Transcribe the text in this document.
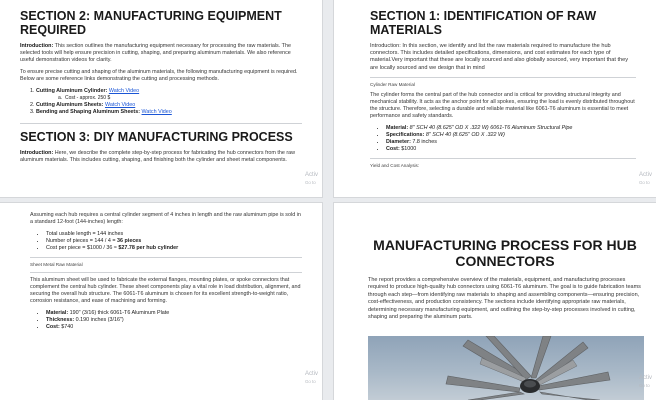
SECTION 2: MANUFACTURING EQUIPMENT REQUIRED

Introduction: This section outlines the manufacturing equipment necessary for processing the raw materials. The selected tools will help ensure precision in cutting, shaping, and preparing aluminum materials. We also reference useful demonstration videos for clarity.

To ensure precise cutting and shaping of the aluminum materials, the following manufacturing equipment is required. Below are some reference links demonstrating the cutting and processing methods.

1. Cutting Aluminum Cylinder: Watch Video
a.  Cost - approx. 250 $
2. Cutting Aluminum Sheets: Watch Video
3. Bending and Shaping Aluminum Sheets: Watch Video
SECTION 3: DIY MANUFACTURING PROCESS

Introduction: Here, we describe the complete step-by-step process for fabricating the hub connectors from the raw aluminum materials. This includes cutting, shaping, and finishing both the cylinder and sheet metal components.

Activ
Go to
SECTION 1: IDENTIFICATION OF RAW MATERIALS

Introduction: In this section, we identify and list the raw materials required to manufacture the hub connectors. This includes detailed specifications, dimensions, and cost estimates for each type of material.Very important that these are locally sourced and also globally sourced, very important that they are locally sourced and we design that in mind

Cylinder Raw Material

The cylinder forms the central part of the hub connector and is critical for providing structural integrity and mechanical stability. It acts as the anchor point for all spokes, ensuring the load is evenly distributed throughout the structure. Therefore, selecting a durable and reliable material like 6061-T6 aluminum is essential to meet performance and safety standards.

• Material: 8" SCH 40 (8.625" OD X .322 W) 6061-T6 Aluminum Structural Pipe
• Specifications: 8" SCH 40 (8.625" OD X .322 W)
• Diameter: 7.8 inches
• Cost: $1000

Yield and Cost Analysis:

Activ
Go to

Assuming each hub requires a central cylinder segment of 4 inches in length and the raw aluminum pipe is sold in a standard 12-foot (144-inches) length:

• Total usable length = 144 inches
• Number of pieces = 144 / 4 = 36 pieces
• Cost per piece = $1000 / 36 ≈ $27.78 per hub cylinder

Sheet Metal Raw Material

This aluminum sheet will be used to fabricate the external flanges, mounting plates, or spoke connectors that complement the central hub cylinder. These sheet components play a vital role in load distribution, alignment, and securing the overall hub structure. The 6061-T6 aluminum is chosen for its excellent strength-to-weight ratio, corrosion resistance, and ease of machining and forming.

• Material: 190" (3/16) thick 6061-T6 Aluminum Plate
• Thickness: 0.190 inches (3/16")
• Cost: $740
Activ
Go to
MANUFACTURING PROCESS FOR HUB CONNECTORS

The report provides a comprehensive overview of the materials, equipment, and manufacturing processes required to produce high-quality hub connectors using 6061-T6 aluminum. The goal is to guide fabrication teams through each step—from identifying raw materials to shaping and assembling components—ensuring precision, cost-effectiveness, and production consistency. The sections include identifying appropriate raw materials, determining necessary manufacturing equipment, and outlining the step-by-step processes involved in cutting, shaping and preparing the aluminum parts.

Activ
Go to
